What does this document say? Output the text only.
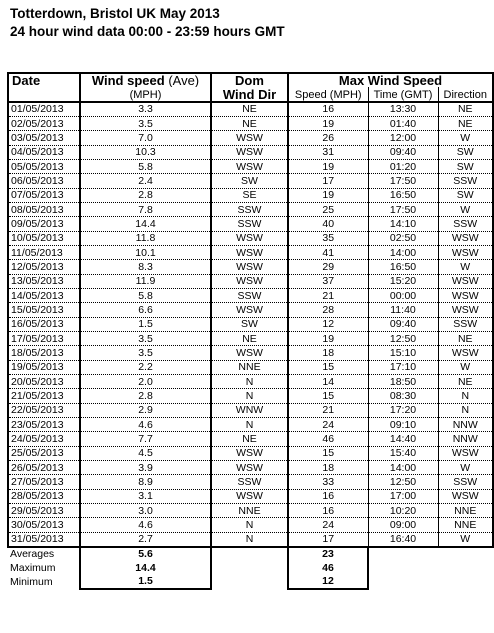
Totterdown, Bristol UK May 2013
24 hour wind data 00:00 - 23:59 hours GMT
Date	Wind speed (Ave)	Dom	Max Wind Speed		
	(MPH)	Wind Dir	Speed (MPH)	Time (GMT)	Direction
01/05/2013	3.3	NE	16	13:30	NE
02/05/2013	3.5	NE	19	01:40	NE
03/05/2013	7.0	WSW	26	12:00	W
04/05/2013	10.3	WSW	31	09:40	SW
05/05/2013	5.8	WSW	19	01:20	SW
06/05/2013	2.4	SW	17	17:50	SSW
07/05/2013	2.8	SE	19	16:50	SW
08/05/2013	7.8	SSW	25	17:50	W
09/05/2013	14.4	SSW	40	14:10	SSW
10/05/2013	11.8	WSW	35	02:50	WSW
11/05/2013	10.1	WSW	41	14:00	WSW
12/05/2013	8.3	WSW	29	16:50	W
13/05/2013	11.9	WSW	37	15:20	WSW
14/05/2013	5.8	SSW	21	00:00	WSW
15/05/2013	6.6	WSW	28	11:40	WSW
16/05/2013	1.5	SW	12	09:40	SSW
17/05/2013	3.5	NE	19	12:50	NE
18/05/2013	3.5	WSW	18	15:10	WSW
19/05/2013	2.2	NNE	15	17:10	W
20/05/2013	2.0	N	14	18:50	NE
21/05/2013	2.8	N	15	08:30	N
22/05/2013	2.9	WNW	21	17:20	N
23/05/2013	4.6	N	24	09:10	NNW
24/05/2013	7.7	NE	46	14:40	NNW
25/05/2013	4.5	WSW	15	15:40	WSW
26/05/2013	3.9	WSW	18	14:00	W
27/05/2013	8.9	SSW	33	12:50	SSW
28/05/2013	3.1	WSW	16	17:00	WSW
29/05/2013	3.0	NNE	16	10:20	NNE
30/05/2013	4.6	N	24	09:00	NNE
31/05/2013	2.7	N	17	16:40	W
Averages	5.6		23		
Maximum	14.4		46		
Minimum	1.5		12		
